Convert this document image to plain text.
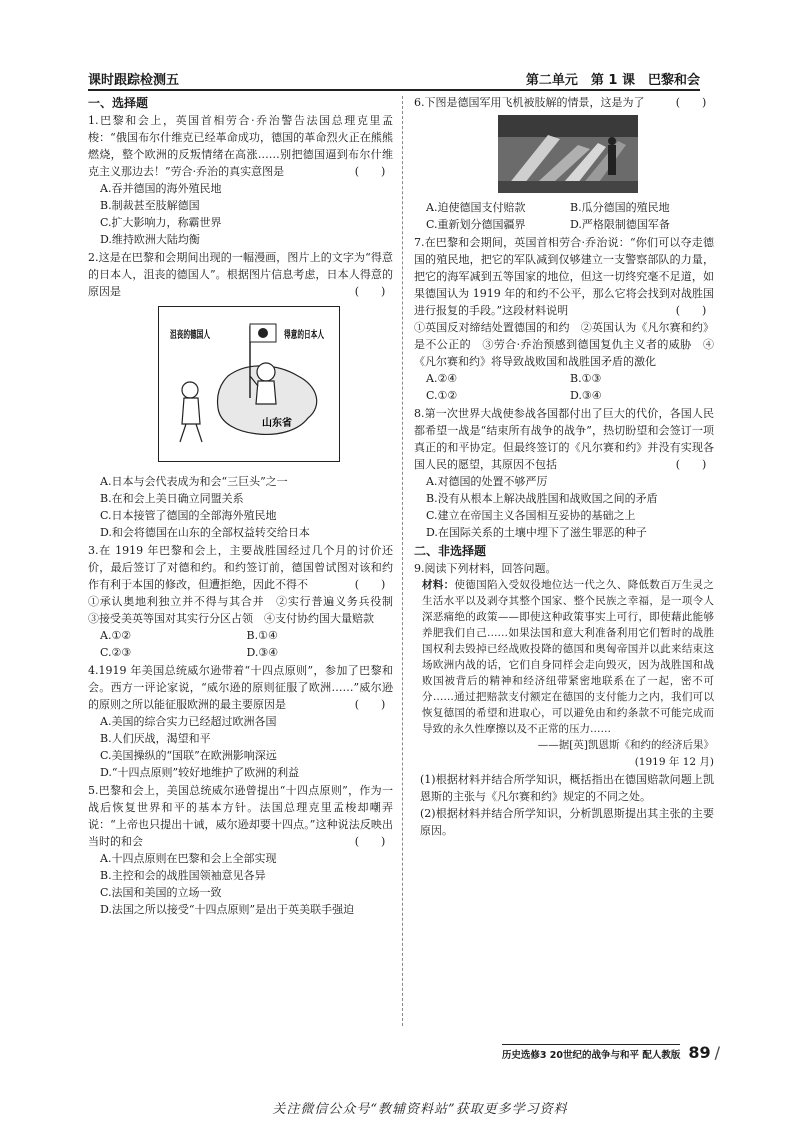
课时跟踪检测五	第二单元　第 1 课　巴黎和会
一、选择题
1.巴黎和会上，英国首相劳合·乔治警告法国总理克里孟梭：“俄国布尔什维克已经革命成功，德国的革命烈火正在熊熊燃烧，整个欧洲的反叛情绪在高涨……别把德国逼到布尔什维克主义那边去！”劳合·乔治的真实意图是	(　　)
A.吞并德国的海外殖民地
B.制裁甚至肢解德国
C.扩大影响力，称霸世界
D.维持欧洲大陆均衡
2.这是在巴黎和会期间出现的一幅漫画，图片上的文字为“得意的日本人，沮丧的德国人”。根据图片信息考虑，日本人得意的原因是	(　　)
沮丧的德国人	得意的日本人
山东省
A.日本与会代表成为和会“三巨头”之一
B.在和会上美日确立同盟关系
C.日本接管了德国的全部海外殖民地
D.和会将德国在山东的全部权益转交给日本
3.在 1919 年巴黎和会上，主要战胜国经过几个月的讨价还价，最后签订了对德和约。和约签订前，德国曾试图对该和约作有利于本国的修改，但遭拒绝，因此不得不	(　　)
①承认奥地利独立并不得与其合并　②实行普遍义务兵役制　③接受美英等国对其实行分区占领　④支付协约国大量赔款
A.①②	B.①④
C.②③	D.③④
4.1919 年美国总统威尔逊带着“十四点原则”，参加了巴黎和会。西方一评论家说，“威尔逊的原则征服了欧洲……”威尔逊的原则之所以能征服欧洲的最主要原因是	(　　)
A.美国的综合实力已经超过欧洲各国
B.人们厌战，渴望和平
C.美国操纵的“国联”在欧洲影响深远
D.“十四点原则”较好地维护了欧洲的利益
5.巴黎和会上，美国总统威尔逊曾提出“十四点原则”，作为一战后恢复世界和平的基本方针。法国总理克里孟梭却嘲弄说：“上帝也只提出十诫，威尔逊却要十四点。”这种说法反映出当时的和会	(　　)
A.十四点原则在巴黎和会上全部实现
B.主控和会的战胜国领袖意见各异
C.法国和美国的立场一致
D.法国之所以接受“十四点原则”是出于英美联手强迫
6.下图是德国军用飞机被肢解的情景，这是为了	(　　)
A.迫使德国支付赔款	B.瓜分德国的殖民地
C.重新划分德国疆界	D.严格限制德国军备
7.在巴黎和会期间，英国首相劳合·乔治说：“你们可以夺走德国的殖民地，把它的军队减到仅够建立一支警察部队的力量，把它的海军减到五等国家的地位，但这一切终究毫不足道，如果德国认为 1919 年的和约不公平，那么它将会找到对战胜国进行报复的手段。”这段材料说明	(　　)
①英国反对缔结处置德国的和约　②英国认为《凡尔赛和约》是不公正的　③劳合·乔治预感到德国复仇主义者的威胁　④《凡尔赛和约》将导致战败国和战胜国矛盾的激化
A.②④	B.①③
C.①②	D.③④
8.第一次世界大战使参战各国都付出了巨大的代价，各国人民都希望一战是“结束所有战争的战争”，热切盼望和会签订一项真正的和平协定。但最终签订的《凡尔赛和约》并没有实现各国人民的愿望，其原因不包括	(　　)
A.对德国的处置不够严厉
B.没有从根本上解决战胜国和战败国之间的矛盾
C.建立在帝国主义各国相互妥协的基础之上
D.在国际关系的土壤中埋下了滋生罪恶的种子
二、非选择题
9.阅读下列材料，回答问题。
材料：使德国陷入受奴役地位达一代之久、降低数百万生灵之生活水平以及剥夺其整个国家、整个民族之幸福，是一项令人深恶痛绝的政策——即使这种政策事实上可行，即使藉此能够养肥我们自己……如果法国和意大利准备利用它们暂时的战胜国权利去毁掉已经战败投降的德国和奥匈帝国并以此来结束这场欧洲内战的话，它们自身同样会走向毁灭，因为战胜国和战败国被背后的精神和经济纽带紧密地联系在了一起，密不可分……通过把赔款支付额定在德国的支付能力之内，我们可以恢复德国的希望和进取心，可以避免由和约条款不可能完成而导致的永久性摩擦以及不正常的压力……
——据[英]凯恩斯《和约的经济后果》
(1919 年 12 月)
(1)根据材料并结合所学知识，概括指出在德国赔款问题上凯恩斯的主张与《凡尔赛和约》规定的不同之处。
(2)根据材料并结合所学知识，分析凯恩斯提出其主张的主要原因。
历史选修3 20世纪的战争与和平 配人教版 89 /
关注微信公众号“教辅资料站”获取更多学习资料
